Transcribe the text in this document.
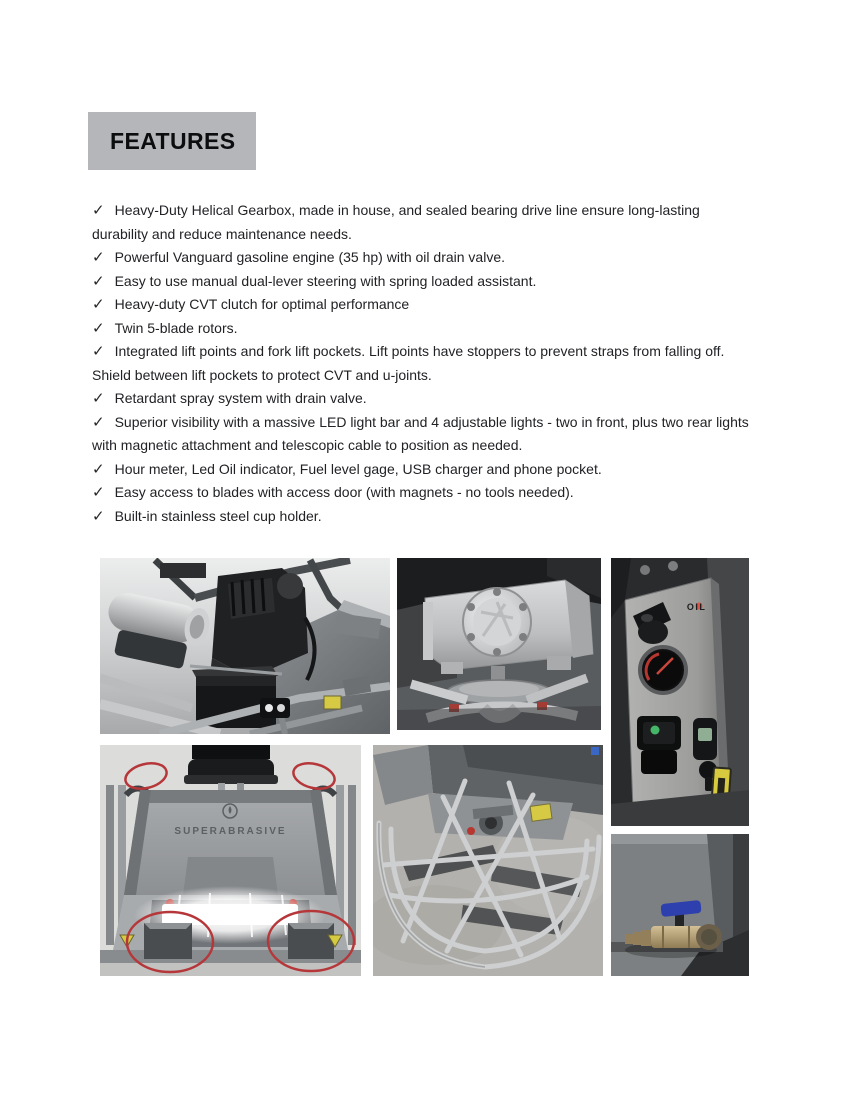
FEATURES
✓ Heavy-Duty Helical Gearbox, made in house, and sealed bearing drive line ensure long-lasting durability and reduce maintenance needs.
✓ Powerful Vanguard gasoline engine (35 hp) with oil drain valve.
✓ Easy to use manual dual-lever steering with spring loaded assistant.
✓ Heavy-duty CVT clutch for optimal performance
✓ Twin 5-blade rotors.
✓ Integrated lift points and fork lift pockets. Lift points have stoppers to prevent straps from falling off. Shield between lift pockets to protect CVT and u-joints.
✓ Retardant spray system with drain valve.
✓ Superior visibility with a massive LED light bar and 4 adjustable lights - two in front, plus two rear lights with magnetic attachment and telescopic cable to position as needed.
✓ Hour meter, Led Oil indicator, Fuel level gage, USB charger and phone pocket.
✓ Easy access to blades with access door (with magnets - no tools needed).
✓ Built-in stainless steel cup holder.
OIL
SUPERABRASIVE
